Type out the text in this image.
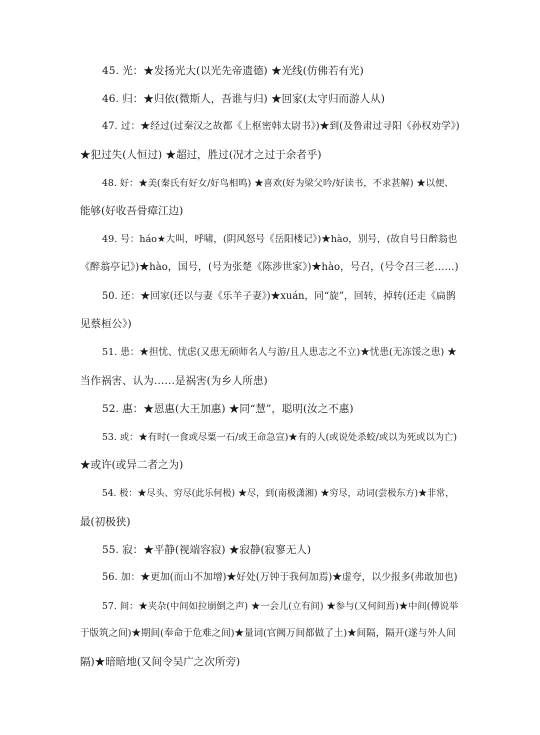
45. 光：★发扬光大(以光先帝遗德) ★光线(仿佛若有光)
46. 归：★归依(微斯人，吾谁与归) ★回家(太守归而游人从)
47. 过：★经过(过秦汉之故都《上枢密韩太尉书》)★到(及鲁肃过寻阳《孙权劝学》)
★犯过失(人恒过) ★超过，胜过(况才之过于余者乎)
48. 好：★美(秦氏有好女/好鸟相鸣) ★喜欢(好为梁父吟/好读书，不求甚解) ★以便、
能够(好收吾骨瘴江边)
49. 号：háo★大叫，呼啸，(阴风怒号《岳阳楼记》)★hào，别号，(故自号日醉翁也
《醉翁亭记》)★hào，国号，(号为张楚《陈涉世家》)★hào，号召，(号令召三老……)
50. 还：★回家(还以与妻《乐羊子妻》)★xuán，同“旋”，回转，掉转(还走《扁鹊
见蔡桓公》)
51. 患：★担忧、忧虑(又患无硕师名人与游/且人患志之不立)★忧患(无冻馁之患) ★
当作祸害、认为……是祸害(为乡人所患)
52. 惠：★恩惠(大王加惠) ★同“慧”，聪明(汝之不惠)
53. 或：★有时(一食或尽粟一石/或王命急宣)★有的人(或说处杀蛟/或以为死或以为亡)
★或许(或异二者之为)
54. 极：★尽头、穷尽(此乐何极) ★尽，到(南极潇湘) ★穷尽，动词(尝极东方)★非常，
最(初极狭)
55. 寂：★平静(视端容寂) ★寂静(寂寥无人)
56. 加：★更加(而山不加增)★好处(万钟于我何加焉)★虚夸，以少报多(弗敢加也)
57. 间：★夹杂(中间如拉崩倒之声) ★一会儿(立有间) ★参与(又何间焉)★中间(傅说举
于版筑之间)★期间(奉命于危难之间)★量词(官阙万间都做了土)★间隔，隔开(遂与外人间
隔)★暗暗地(又间令吴广之次所旁)
